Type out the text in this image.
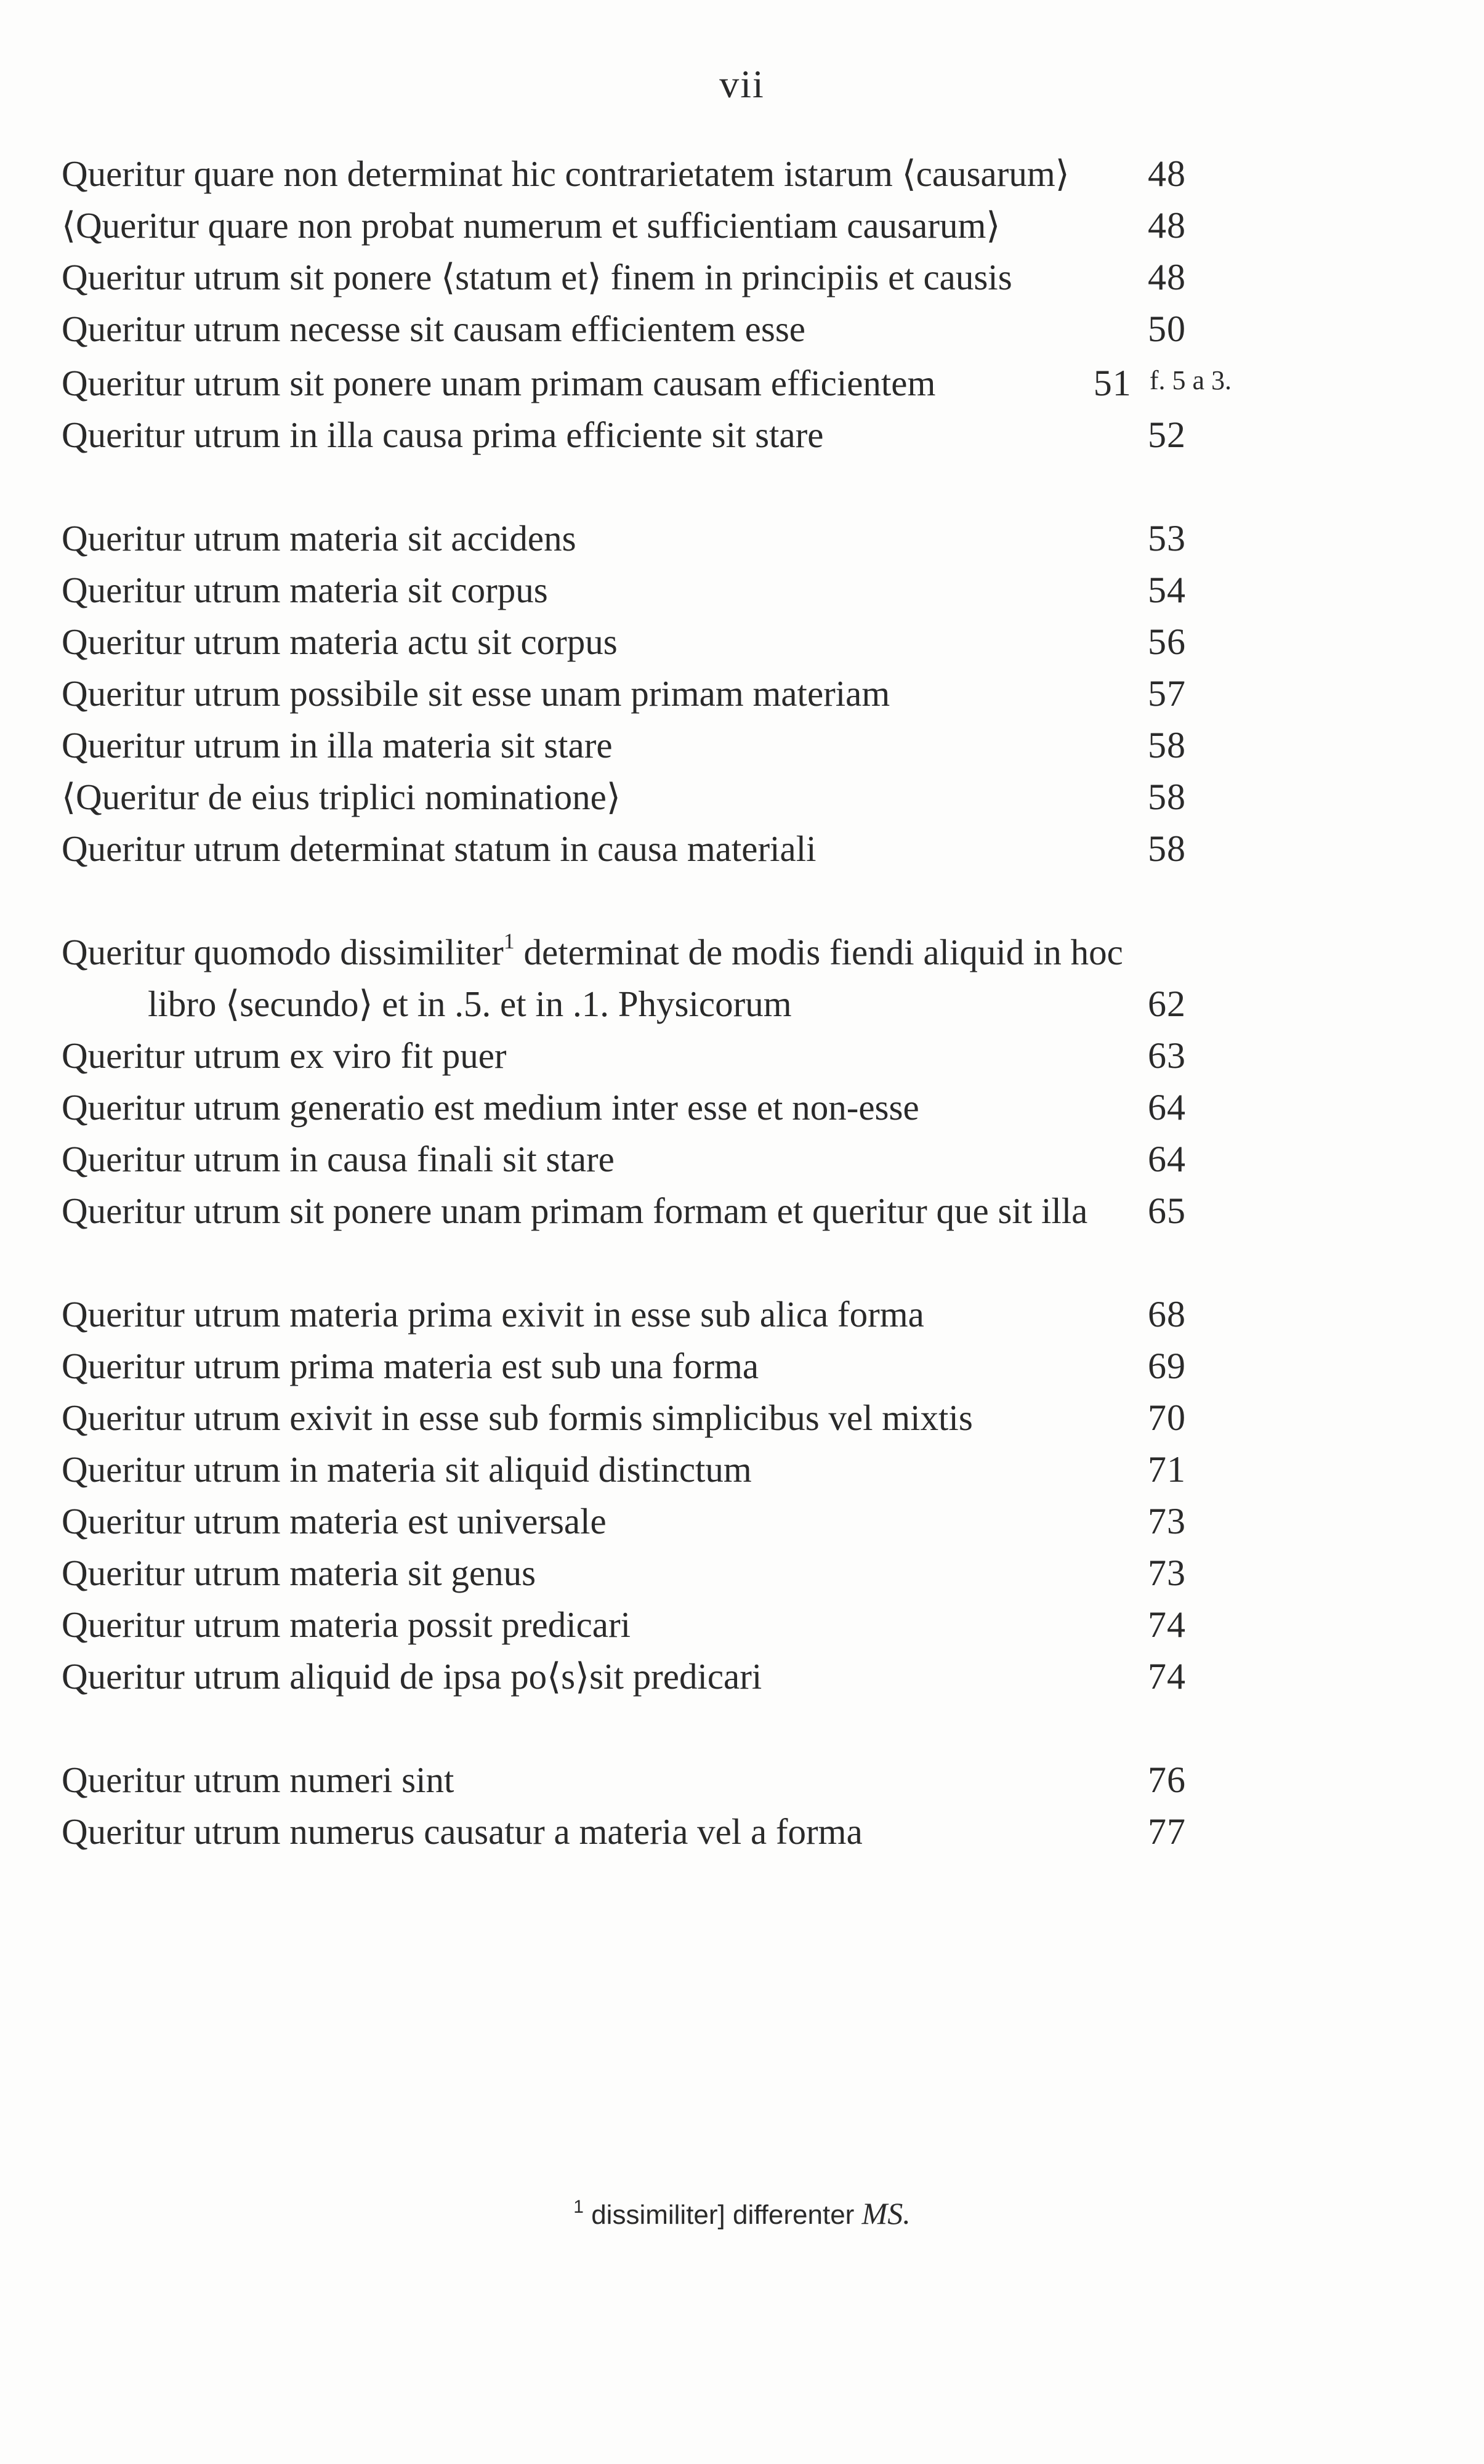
vii
Queritur quare non determinat hic contrarietatem istarum ⟨causarum⟩	48
⟨Queritur quare non probat numerum et sufficientiam causarum⟩	48
Queritur utrum sit ponere ⟨statum et⟩ finem in principiis et causis	48
Queritur utrum necesse sit causam efficientem esse	50
Queritur utrum sit ponere unam primam causam efficientem	51 f. 5 a 3.
Queritur utrum in illa causa prima efficiente sit stare	52
Queritur utrum materia sit accidens	53
Queritur utrum materia sit corpus	54
Queritur utrum materia actu sit corpus	56
Queritur utrum possibile sit esse unam primam materiam	57
Queritur utrum in illa materia sit stare	58
⟨Queritur de eius triplici nominatione⟩	58
Queritur utrum determinat statum in causa materiali	58
Queritur quomodo dissimiliter$^1$ determinat de modis fiendi aliquid in hoc libro ⟨secundo⟩ et in .5. et in .1. Physicorum	62
Queritur utrum ex viro fit puer	63
Queritur utrum generatio est medium inter esse et non-esse	64
Queritur utrum in causa finali sit stare	64
Queritur utrum sit ponere unam primam formam et queritur que sit illa	65
Queritur utrum materia prima exivit in esse sub alica forma	68
Queritur utrum prima materia est sub una forma	69
Queritur utrum exivit in esse sub formis simplicibus vel mixtis	70
Queritur utrum in materia sit aliquid distinctum	71
Queritur utrum materia est universale	73
Queritur utrum materia sit genus	73
Queritur utrum materia possit predicari	74
Queritur utrum aliquid de ipsa po⟨s⟩sit predicari	74
Queritur utrum numeri sint	76
Queritur utrum numerus causatur a materia vel a forma	77
$^1$ dissimiliter] differenter MS.
